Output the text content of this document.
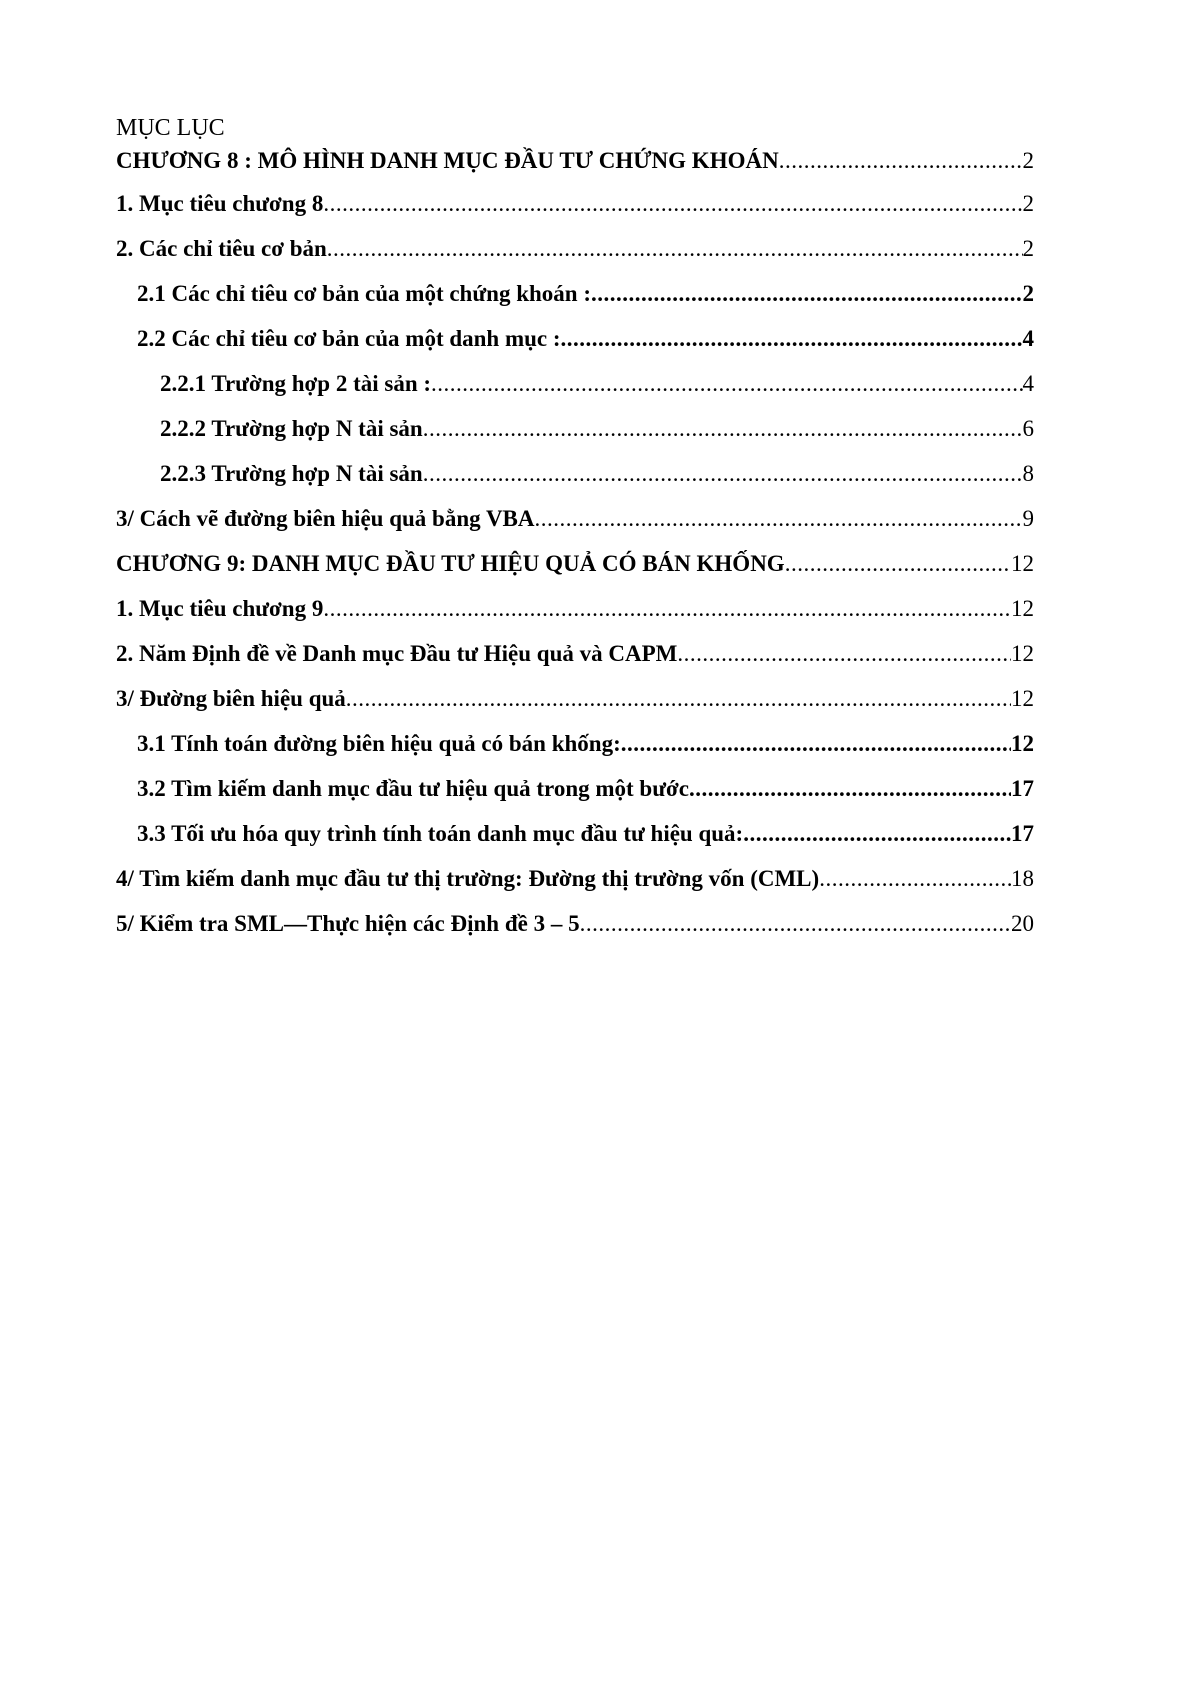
MỤC LỤC
CHƯƠNG 8 : MÔ HÌNH DANH MỤC ĐẦU TƯ CHỨNG KHOÁN .....	2
1. Mục tiêu chương 8 .....	2
2. Các chỉ tiêu cơ bản .....	2
2.1 Các chỉ tiêu cơ bản của một chứng khoán : .....	2
2.2 Các chỉ tiêu cơ bản của một danh mục : .....	4
2.2.1 Trường hợp 2 tài sản : .....	4
2.2.2 Trường hợp N tài sản .....	6
2.2.3 Trường hợp N tài sản .....	8
3/ Cách vẽ đường biên hiệu quả bằng VBA .....	9
CHƯƠNG 9: DANH MỤC ĐẦU TƯ HIỆU QUẢ CÓ BÁN KHỐNG .....	12
1. Mục tiêu chương 9 .....	12
2. Năm Định đề về Danh mục Đầu tư Hiệu quả và CAPM .....	12
3/ Đường biên hiệu quả .....	12
3.1 Tính toán đường biên hiệu quả có bán khống: .....	12
3.2 Tìm kiếm danh mục đầu tư hiệu quả trong một bước .....	17
3.3 Tối ưu hóa quy trình tính toán danh mục đầu tư hiệu quả: .....	17
4/ Tìm kiếm danh mục đầu tư thị trường: Đường thị trường vốn (CML) .....	18
5/ Kiểm tra SML—Thực hiện các Định đề 3 – 5 .....	20
